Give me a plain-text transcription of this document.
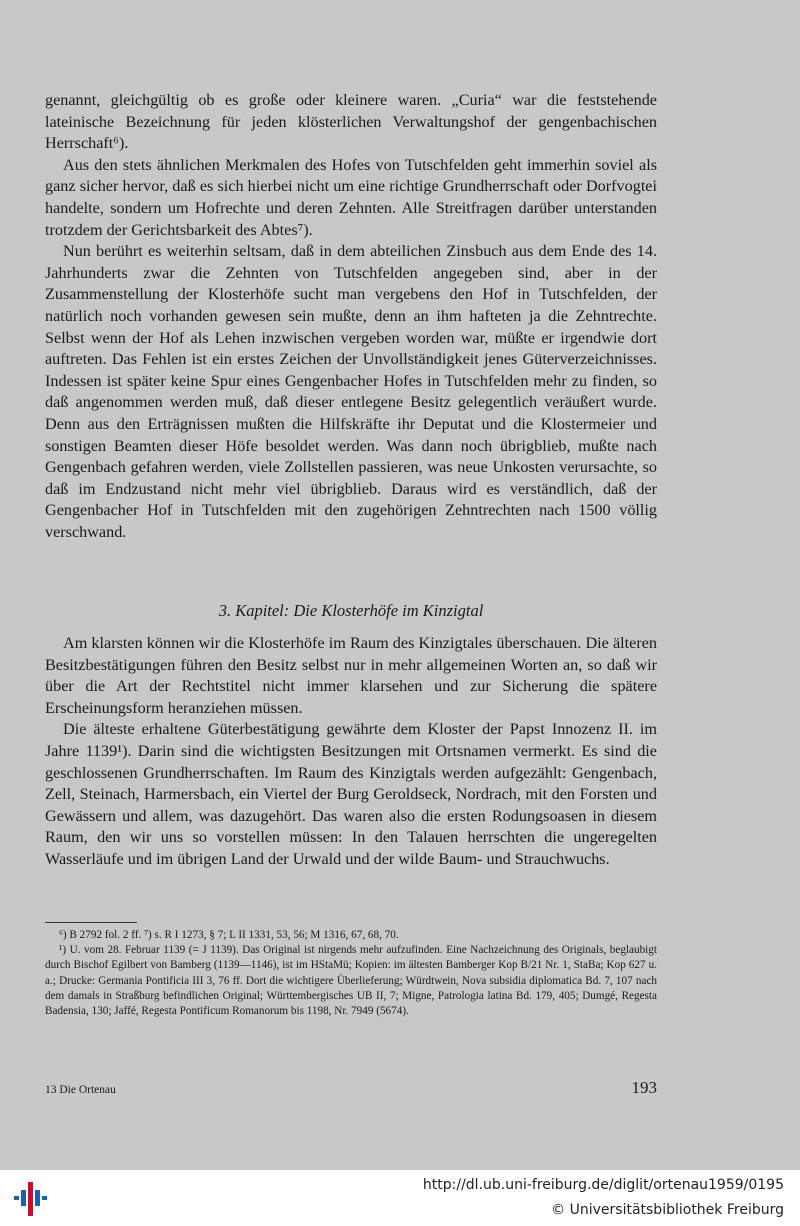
genannt, gleichgültig ob es große oder kleinere waren. „Curia“ war die feststehende lateinische Bezeichnung für jeden klösterlichen Verwaltungshof der gengenbachischen Herrschaft⁶).

Aus den stets ähnlichen Merkmalen des Hofes von Tutschfelden geht immerhin soviel als ganz sicher hervor, daß es sich hierbei nicht um eine richtige Grundherrschaft oder Dorfvogtei handelte, sondern um Hofrechte und deren Zehnten. Alle Streitfragen darüber unterstanden trotzdem der Gerichtsbarkeit des Abtes⁷).

Nun berührt es weiterhin seltsam, daß in dem abteilichen Zinsbuch aus dem Ende des 14. Jahrhunderts zwar die Zehnten von Tutschfelden angegeben sind, aber in der Zusammenstellung der Klosterhöfe sucht man vergebens den Hof in Tutschfelden, der natürlich noch vorhanden gewesen sein mußte, denn an ihm hafteten ja die Zehntrechte. Selbst wenn der Hof als Lehen inzwischen vergeben worden war, müßte er irgendwie dort auftreten. Das Fehlen ist ein erstes Zeichen der Unvollständigkeit jenes Güterverzeichnisses. Indessen ist später keine Spur eines Gengenbacher Hofes in Tutschfelden mehr zu finden, so daß angenommen werden muß, daß dieser entlegene Besitz gelegentlich veräußert wurde. Denn aus den Erträgnissen mußten die Hilfskräfte ihr Deputat und die Klostermeier und sonstigen Beamten dieser Höfe besoldet werden. Was dann noch übrigblieb, mußte nach Gengenbach gefahren werden, viele Zollstellen passieren, was neue Unkosten verursachte, so daß im Endzustand nicht mehr viel übrigblieb. Daraus wird es verständlich, daß der Gengenbacher Hof in Tutschfelden mit den zugehörigen Zehntrechten nach 1500 völlig verschwand.

3. Kapitel: Die Klosterhöfe im Kinzigtal

Am klarsten können wir die Klosterhöfe im Raum des Kinzigtales überschauen. Die älteren Besitzbestätigungen führen den Besitz selbst nur in mehr allgemeinen Worten an, so daß wir über die Art der Rechtstitel nicht immer klarsehen und zur Sicherung die spätere Erscheinungsform heranziehen müssen.

Die älteste erhaltene Güterbestätigung gewährte dem Kloster der Papst Innozenz II. im Jahre 1139¹). Darin sind die wichtigsten Besitzungen mit Ortsnamen vermerkt. Es sind die geschlossenen Grundherrschaften. Im Raum des Kinzigtals werden aufgezählt: Gengenbach, Zell, Steinach, Harmersbach, ein Viertel der Burg Geroldseck, Nordrach, mit den Forsten und Gewässern und allem, was dazugehört. Das waren also die ersten Rodungsoasen in diesem Raum, den wir uns so vorstellen müssen: In den Talauen herrschten die ungeregelten Wasserläufe und im übrigen Land der Urwald und der wilde Baum- und Strauchwuchs.

⁶) B 2792 fol. 2 ff. ⁷) s. R I 1273, § 7; L II 1331, 53, 56; M 1316, 67, 68, 70.

¹) U. vom 28. Februar 1139 (= J 1139). Das Original ist nirgends mehr aufzufinden. Eine Nachzeichnung des Originals, beglaubigt durch Bischof Egilbert von Bamberg (1139—1146), ist im HStaMü; Kopien: im ältesten Bamberger Kop B/21 Nr. 1, StaBa; Kop 627 u. a.; Drucke: Germania Pontificia III 3, 76 ff. Dort die wichtigere Überlieferung; Würdtwein, Nova subsidia diplomatica Bd. 7, 107 nach dem damals in Straßburg befindlichen Original; Württembergisches UB II, 7; Migne, Patrologia latina Bd. 179, 405; Dumgé, Regesta Badensia, 130; Jaffé, Regesta Pontificum Romanorum bis 1198, Nr. 7949 (5674).

13 Die Ortenau	193
http://dl.ub.uni-freiburg.de/diglit/ortenau1959/0195
© Universitätsbibliothek Freiburg
